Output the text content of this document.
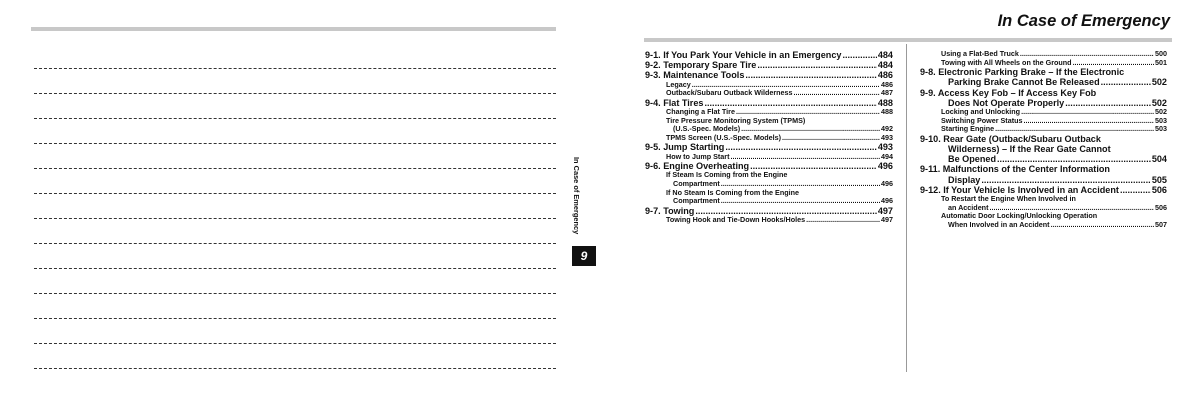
In Case of Emergency
9-1. If You Park Your Vehicle in an Emergency .....	484
9-2. Temporary Spare Tire .....	484
9-3. Maintenance Tools .....	486
Legacy .....	486
Outback/Subaru Outback Wilderness .....	487
9-4. Flat Tires .....	488
Changing a Flat Tire .....	488
Tire Pressure Monitoring System (TPMS)
(U.S.-Spec. Models) .....	492
TPMS Screen (U.S.-Spec. Models) .....	493
9-5. Jump Starting .....	493
How to Jump Start .....	494
9-6. Engine Overheating .....	496
If Steam Is Coming from the Engine
Compartment .....	496
If No Steam Is Coming from the Engine
Compartment .....	496
9-7. Towing .....	497
Towing Hook and Tie-Down Hooks/Holes .....	497
Using a Flat-Bed Truck .....	500
Towing with All Wheels on the Ground .....	501
9-8. Electronic Parking Brake – If the Electronic
Parking Brake Cannot Be Released .....	502
9-9. Access Key Fob – If Access Key Fob
Does Not Operate Properly .....	502
Locking and Unlocking .....	502
Switching Power Status .....	503
Starting Engine .....	503
9-10. Rear Gate (Outback/Subaru Outback
Wilderness) – If the Rear Gate Cannot
Be Opened .....	504
9-11. Malfunctions of the Center Information
Display .....	505
9-12. If Your Vehicle Is Involved in an Accident .....	506
To Restart the Engine When Involved in
an Accident .....	506
Automatic Door Locking/Unlocking Operation
When Involved in an Accident .....	507
In Case of Emergency
9
